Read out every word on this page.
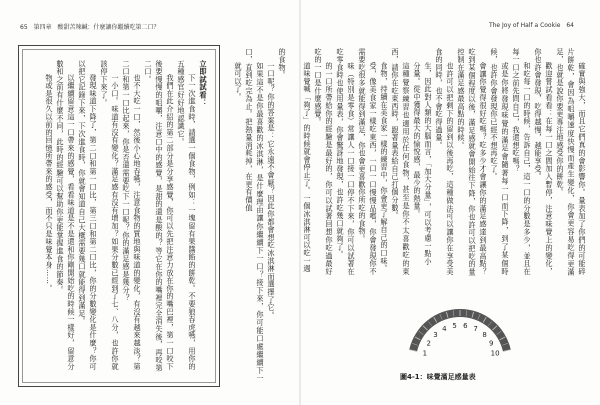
65 第四章 酸甜苦辣鹹：什麼讓你繼續吃第二口？

立即試試看：

下一次進食時，請選一個食物，例如：一塊留有果醬餡的餅乾。不要狼吞虎嚥，用你的五種感官好好地認識它。

我們在此介紹的第二部分是分享感覺，你可以先把注意力放在你的嘴巴裡，第一口咬下後要慢慢的咀嚼，注意口中的感覺，是甜的還是酸的？等它在你的嘴裡完全消失後，再咬第二口。

也不大吃一口，然後小心地吞嚥，注意食物的質地與味道的變化，有沒有越來越淡？第二口和第一口比起來，你是否還需要吃下一口呢？你的滿足感是幾分？

一小口。味道有沒有變化？滿足感有沒有增加？如果分數已經到了七、八分，也許你就該停下來了。

發現味道下降了，第二口和第一口比，第三口和第二口比，你的分數變化是什麼？你可以把它記錄下來，下次進食時，你就會知道自己大概需要幾口就能得到滿足。

以繼續留意這一口帶來的感覺，看看味道是不是還和你剛開始吃的時候一樣好，留意分數和之前有什麼不同，此時的經驗可以幫助你更能掌握進食的節奏。

物或是很久以前的回憶所帶來的感受，而不只是味覺本身……。

的食物。

一口呢？你的答案是：它永遠不會厭？因此你都會想吃冰淇淋而選擇了它。

如果這不是你最喜歡的冰淇淋，是什麼理由讓你繼續下一口？接下來，你可能口處繼續下一口，直到吃完為止。把熱量消耗掉，在更有價值

就可以了。

The Joy of Half a Cookie 64

確實與強大，而且它們真的會影響你。量表加了你們的可能碎片餅乾，會因為咀嚼速度快慢而產生變化，你會更容易吃得更滿足，也就是說你要更專注地感受你的餅乾。

歡迎嘗試看看：在每一口之間加入暫停，注意味覺上的變化，你也許會發現，吃得越慢，越能享受。

和吃每一口的時候，告訴自己，這一口的分數是多少，並且在每一口之前先問自己，我還想吃嗎？

或是你將發現味覺的滿足會隨著每一口而下降，到了某個時候，也許你會發現你已經不想再吃了。

會讓你覺得很好吃嗎？吃多少才會讓你的滿足感達到最高點？吃到某個程度以後，滿足感就會開始往下降，你也許可以把吃的量控制在滿足感最高點的時候。

也許可以把剩下的留到以後再吃，這種做法可以讓你在享受美食的同時，也不會吃得過量。

生，因此對人類的大腦而言，「加大分量」，可以考慮一點小

分量。從中獲得最大的愉悅感，最少的熱量。

這種覺察練習也適用於任何食物，甚至是你不太喜歡吃的東西，請你在吃東西時，跟著量表給自己打個分數。

食物，持續在美食家一樣的練習中，你會更了解自己的口味。

受，像美食家一樣吃東西，一口一口慢慢品嚐，你會發現你不需要吃很多就能得到滿足，你也會更喜歡你所吃的食物。

味（特別是零食）常讓人一口接一口停不下來，你可以試著在吃零食時也使用量表，你會驚訝地發現，也許吃幾口就夠了。

的一口所帶給你的經驗是最好的，你可以試著回想你吃過最好吃的一口是什麼感覺。

道味覺喊「夠了」的時候就會停止了。一個冰淇淋可以吃一週

1
2
3
4 5 6 7
8
9
10
圖4-1：味覺滿足感量表
